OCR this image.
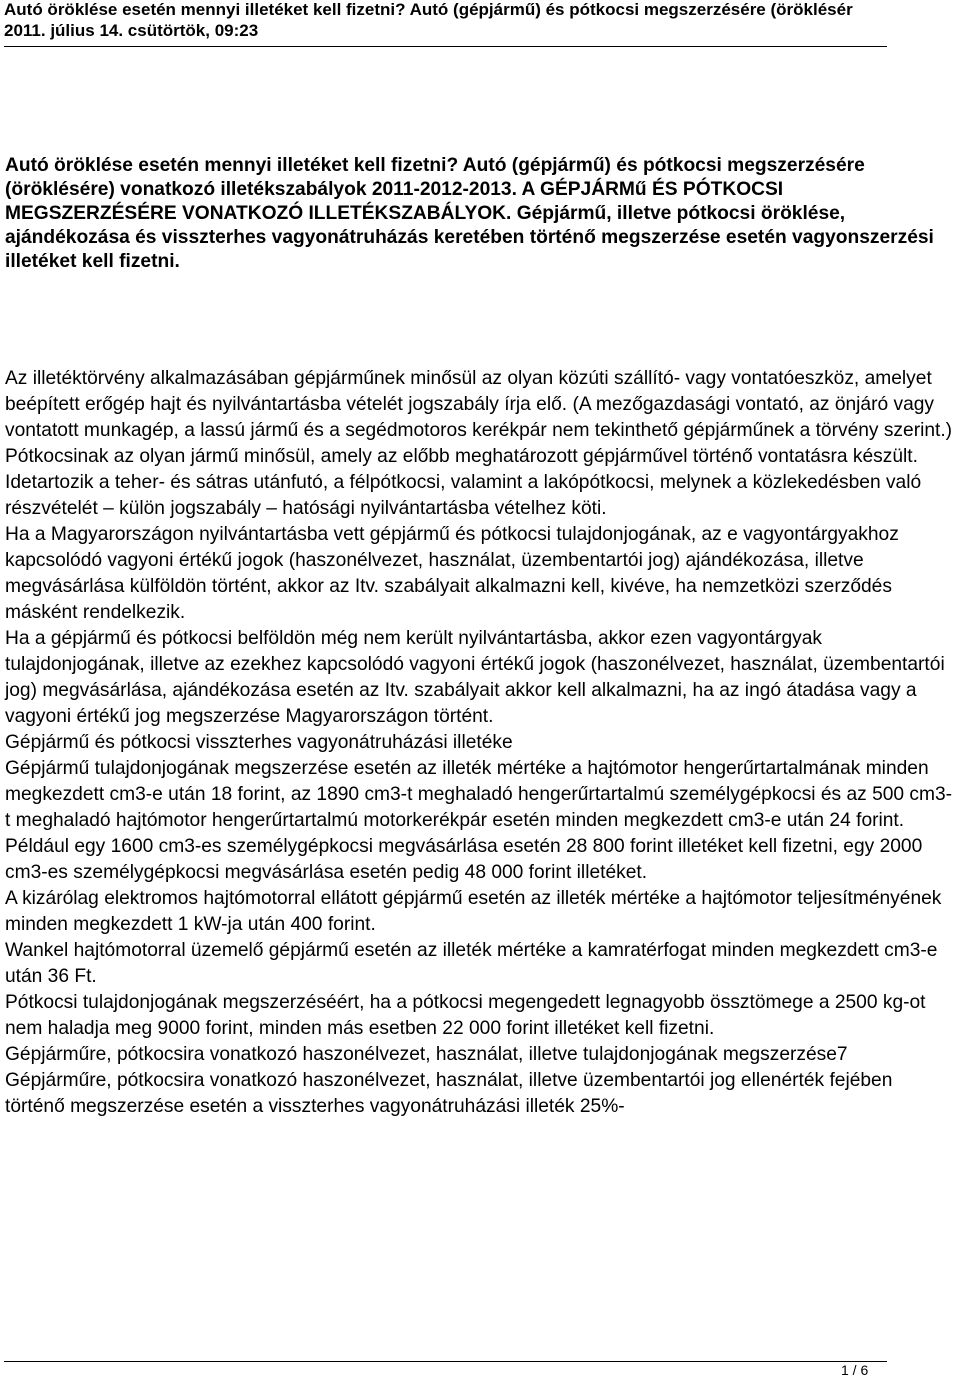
Autó öröklése esetén mennyi illetéket kell fizetni? Autó (gépjármű) és pótkocsi megszerzésére (öröklésér
2011. július 14. csütörtök, 09:23
Autó öröklése esetén mennyi illetéket kell fizetni? Autó (gépjármű) és pótkocsi megszerzésére (öröklésére) vonatkozó illetékszabályok 2011-2012-2013. A GÉPJÁRMű ÉS PÓTKOCSI MEGSZERZÉSÉRE VONATKOZÓ ILLETÉKSZABÁLYOK. Gépjármű, illetve pótkocsi öröklése, ajándékozása és visszterhes vagyonátruházás keretében történő megszerzése esetén vagyonszerzési illetéket kell fizetni.

Az illetéktörvény alkalmazásában gépjárműnek minősül az olyan közúti szállító- vagy vontatóeszköz, amelyet

beépített erőgép hajt és nyilvántartásba vételét jogszabály írja elő. (A mezőgazdasági vontató, az önjáró vagy vontatott munkagép, a lassú jármű és a segédmotoros kerékpár nem tekinthető gépjárműnek a törvény szerint.)

Pótkocsinak az olyan jármű minősül, amely az előbb meghatározott gépjárművel történő vontatásra készült. Idetartozik a teher- és sátras utánfutó, a félpótkocsi, valamint a lakópótkocsi, melynek a közlekedésben való részvételét – külön jogszabály – hatósági nyilvántartásba vételhez köti.

Ha a Magyarországon nyilvántartásba vett gépjármű és pótkocsi tulajdonjogának, az e vagyontárgyakhoz kapcsolódó vagyoni értékű jogok (haszonélvezet, használat, üzembentartói jog) ajándékozása, illetve megvásárlása külföldön történt, akkor az Itv. szabályait alkalmazni kell, kivéve, ha nemzetközi szerződés másként rendelkezik.

Ha a gépjármű és pótkocsi belföldön még nem került nyilvántartásba, akkor ezen vagyontárgyak tulajdonjogának, illetve az ezekhez kapcsolódó vagyoni értékű jogok (haszonélvezet, használat, üzembentartói jog) megvásárlása, ajándékozása esetén az Itv. szabályait akkor kell alkalmazni, ha az ingó átadása vagy a vagyoni értékű jog megszerzése Magyarországon történt.

Gépjármű és pótkocsi visszterhes vagyonátruházási illetéke

Gépjármű tulajdonjogának megszerzése esetén az illeték mértéke a hajtómotor hengerűrtartalmának minden megkezdett cm3-e után 18 forint, az 1890 cm3-t meghaladó hengerűrtartalmú személygépkocsi és az 500 cm3-t meghaladó hajtómotor hengerűrtartalmú motorkerékpár esetén minden megkezdett cm3-e után 24 forint.

Például egy 1600 cm3-es személygépkocsi megvásárlása esetén 28 800 forint illetéket kell fizetni, egy 2000 cm3-es személygépkocsi megvásárlása esetén pedig 48 000 forint illetéket.

A kizárólag elektromos hajtómotorral ellátott gépjármű esetén az illeték mértéke a hajtómotor teljesítményének minden megkezdett 1 kW-ja után 400 forint.

Wankel hajtómotorral üzemelő gépjármű esetén az illeték mértéke a kamratérfogat minden megkezdett cm3-e után 36 Ft.

Pótkocsi tulajdonjogának megszerzéséért, ha a pótkocsi megengedett legnagyobb össztömege a 2500 kg-ot nem haladja meg 9000 forint, minden más esetben 22 000 forint illetéket kell fizetni.

Gépjárműre, pótkocsira vonatkozó haszonélvezet, használat, illetve tulajdonjogának megszerzése7

Gépjárműre, pótkocsira vonatkozó haszonélvezet, használat, illetve üzembentartói jog ellenérték fejében történő megszerzése esetén a visszterhes vagyonátruházási illeték 25%-

1 / 6
